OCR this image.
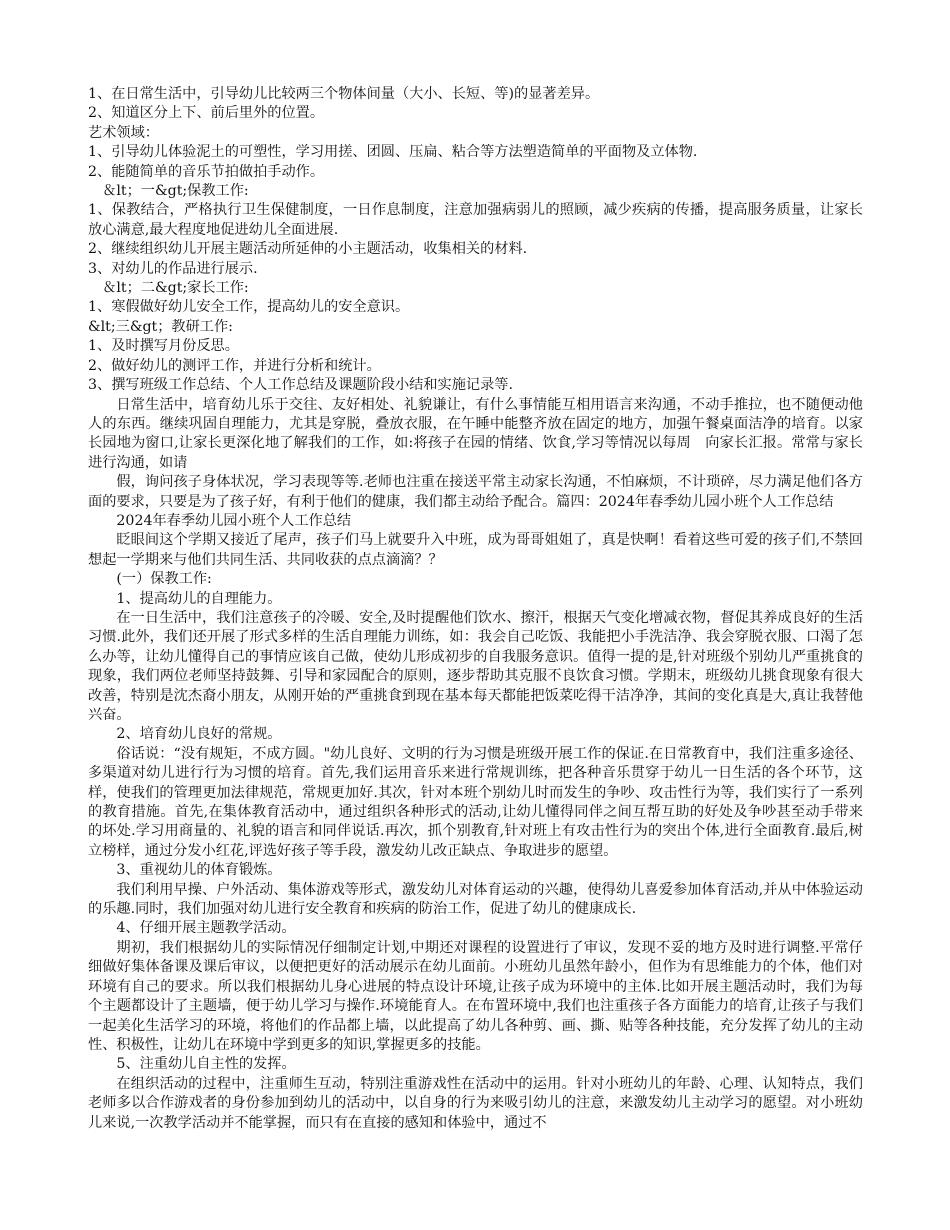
1、在日常生活中，引导幼儿比较两三个物体间量（大小、长短、等)的显著差异。

2、知道区分上下、前后里外的位置。

艺术领域：

1、引导幼儿体验泥土的可塑性，学习用搓、团圆、压扁、粘合等方法塑造简单的平面物及立体物.

2、能随简单的音乐节拍做拍手动作。

＆lt；一&gt;保教工作:

1、保教结合，严格执行卫生保健制度，一日作息制度，注意加强病弱儿的照顾，减少疾病的传播，提高服务质量，让家长放心满意,最大程度地促进幼儿全面进展.

2、继续组织幼儿开展主题活动所延伸的小主题活动，收集相关的材料.

3、对幼儿的作品进行展示.

＆lt；二&gt;家长工作:

1、寒假做好幼儿安全工作，提高幼儿的安全意识。

&lt;三&gt；教研工作:

1、及时撰写月份反思。

2、做好幼儿的测评工作，并进行分析和统计。

3、撰写班级工作总结、个人工作总结及课题阶段小结和实施记录等.

日常生活中，培育幼儿乐于交往、友好相处、礼貌谦让，有什么事情能互相用语言来沟通，不动手推拉，也不随便动他人的东西。继续巩固自理能力，尤其是穿脱，叠放衣服，在午睡中能整齐放在固定的地方，加强午餐桌面洁净的培育。以家长园地为窗口,让家长更深化地了解我们的工作，如:将孩子在园的情绪、饮食,学习等情况以每周　向家长汇报。常常与家长进行沟通，如请

假，询问孩子身体状况，学习表现等等.老师也注重在接送平常主动家长沟通，不怕麻烦，不计琐碎，尽力满足他们各方面的要求，只要是为了孩子好，有利于他们的健康，我们都主动给予配合。篇四：2024年春季幼儿园小班个人工作总结

2024年春季幼儿园小班个人工作总结

眨眼间这个学期又接近了尾声，孩子们马上就要升入中班，成为哥哥姐姐了，真是快啊！看着这些可爱的孩子们,不禁回想起一学期来与他们共同生活、共同收获的点点滴滴？？

(一）保教工作:

1、提高幼儿的自理能力。

在一日生活中，我们注意孩子的冷暖、安全,及时提醒他们饮水、擦汗，根据天气变化增减衣物，督促其养成良好的生活习惯.此外，我们还开展了形式多样的生活自理能力训练，如：我会自己吃饭、我能把小手洗洁净、我会穿脱衣服、口渴了怎么办等，让幼儿懂得自己的事情应该自己做，使幼儿形成初步的自我服务意识。值得一提的是,针对班级个别幼儿严重挑食的现象，我们两位老师坚持鼓舞、引导和家园配合的原则，逐步帮助其克服不良饮食习惯。学期末，班级幼儿挑食现象有很大改善，特别是沈杰裔小朋友，从刚开始的严重挑食到现在基本每天都能把饭菜吃得干洁净净，其间的变化真是大,真让我替他兴奋。

2、培育幼儿良好的常规。

俗话说：“没有规矩，不成方圆。"幼儿良好、文明的行为习惯是班级开展工作的保证.在日常教育中，我们注重多途径、多渠道对幼儿进行行为习惯的培育。首先,我们运用音乐来进行常规训练，把各种音乐贯穿于幼儿一日生活的各个环节，这样，使我们的管理更加法律规范，常规更加好.其次，针对本班个别幼儿时而发生的争吵、攻击性行为等，我们实行了一系列的教育措施。首先,在集体教育活动中，通过组织各种形式的活动,让幼儿懂得同伴之间互帮互助的好处及争吵甚至动手带来的坏处.学习用商量的、礼貌的语言和同伴说话.再次，抓个别教育,针对班上有攻击性行为的突出个体,进行全面教育.最后,树立榜样，通过分发小红花,评选好孩子等手段，激发幼儿改正缺点、争取进步的愿望。

3、重视幼儿的体育锻炼。

我们利用早操、户外活动、集体游戏等形式，激发幼儿对体育运动的兴趣，使得幼儿喜爱参加体育活动,并从中体验运动的乐趣.同时，我们加强对幼儿进行安全教育和疾病的防治工作，促进了幼儿的健康成长.

4、仔细开展主题教学活动。

期初，我们根据幼儿的实际情况仔细制定计划,中期还对课程的设置进行了审议，发现不妥的地方及时进行调整.平常仔细做好集体备课及课后审议，以便把更好的活动展示在幼儿面前。小班幼儿虽然年龄小，但作为有思维能力的个体，他们对环境有自己的要求。所以我们根据幼儿身心进展的特点设计环境,让孩子成为环境中的主体.比如开展主题活动时，我们为每个主题都设计了主题墙，便于幼儿学习与操作.环境能育人。在布置环境中,我们也注重孩子各方面能力的培育,让孩子与我们一起美化生活学习的环境，将他们的作品都上墙，以此提高了幼儿各种剪、画、撕、贴等各种技能，充分发挥了幼儿的主动性、积极性，让幼儿在环境中学到更多的知识,掌握更多的技能。

5、注重幼儿自主性的发挥。

在组织活动的过程中，注重师生互动，特别注重游戏性在活动中的运用。针对小班幼儿的年龄、心理、认知特点，我们老师多以合作游戏者的身份参加到幼儿的活动中，以自身的行为来吸引幼儿的注意，来激发幼儿主动学习的愿望。对小班幼儿来说,一次教学活动并不能掌握，而只有在直接的感知和体验中，通过不
